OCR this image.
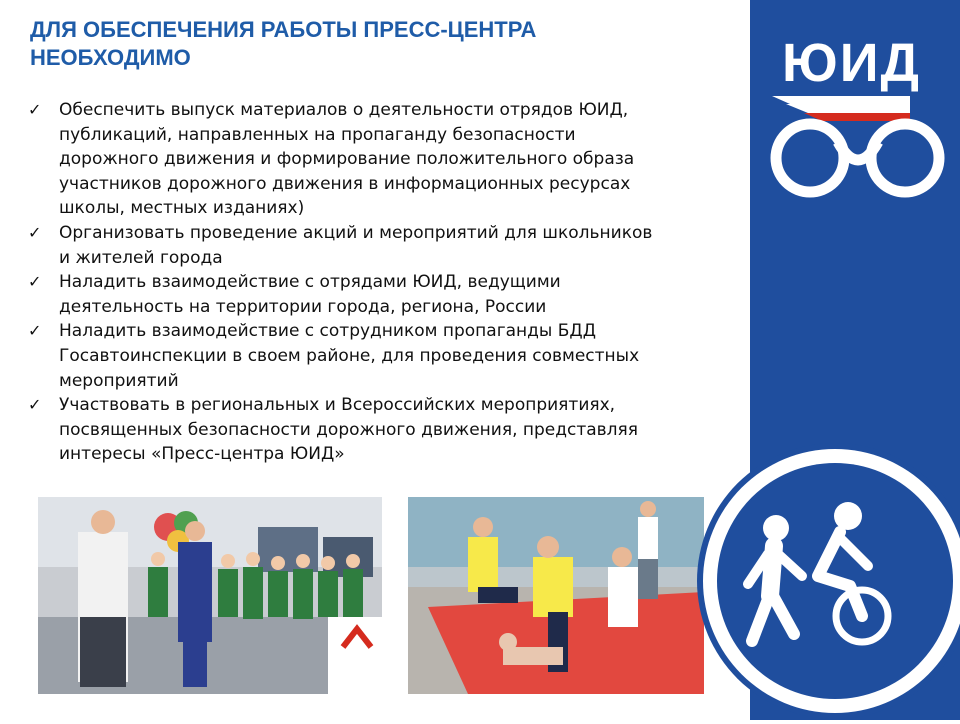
ДЛЯ ОБЕСПЕЧЕНИЯ РАБОТЫ ПРЕСС-ЦЕНТРА
НЕОБХОДИМО
✓ Обеспечить выпуск материалов о деятельности отрядов ЮИД,
публикаций, направленных на пропаганду безопасности
дорожного движения и формирование положительного образа
участников дорожного движения в информационных ресурсах
школы, местных изданиях)
✓ Организовать проведение акций и мероприятий для школьников
и жителей города
✓ Наладить взаимодействие с отрядами ЮИД, ведущими
деятельность на территории города, региона, России
✓ Наладить взаимодействие с сотрудником пропаганды БДД
Госавтоинспекции в своем районе, для проведения совместных
мероприятий
✓ Участвовать в региональных и Всероссийских мероприятиях,
посвященных безопасности дорожного движения, представляя
интересы «Пресс-центра ЮИД»
ЮИД
